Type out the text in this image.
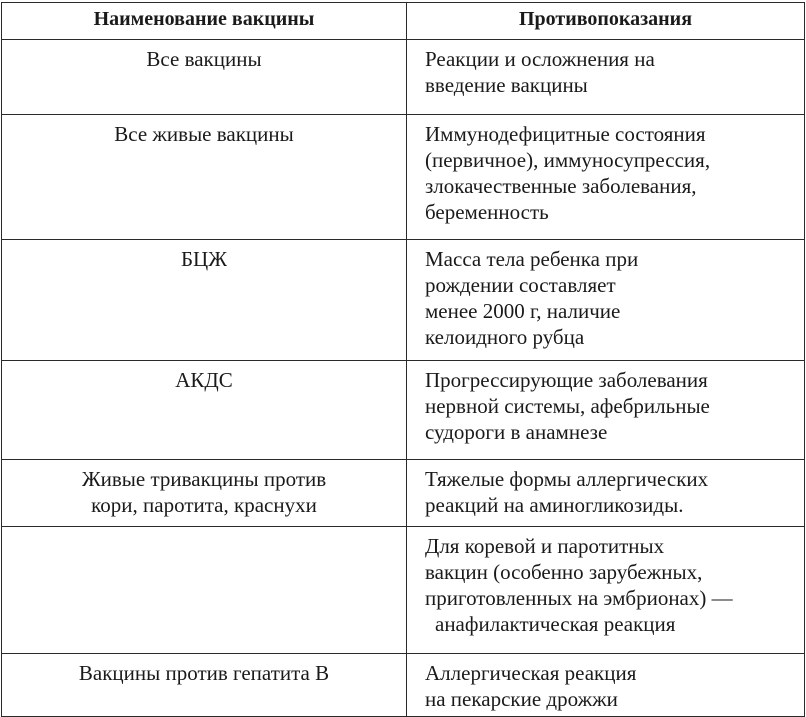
Наименование вакцины	Противопоказания

Все вакцины	Реакции и осложнения на
введение вакцины

Все живые вакцины	Иммунодефицитные состояния
(первичное), иммуносупрессия,
злокачественные заболевания,
беременность

БЦЖ	Масса тела ребенка при
рождении составляет
менее 2000 г, наличие
келоидного рубца

АКДС	Прогрессирующие заболевания
нервной системы, афебрильные
судороги в анамнезе

Живые тривакцины против
кори, паротита, краснухи	Тяжелые формы аллергических
реакций на аминогликозиды.

	Для коревой и паротитных
вакцин (особенно зарубежных,
приготовленных на эмбрионах) —
анафилактическая реакция

Вакцины против гепатита В	Аллергическая реакция
на пекарские дрожжи
